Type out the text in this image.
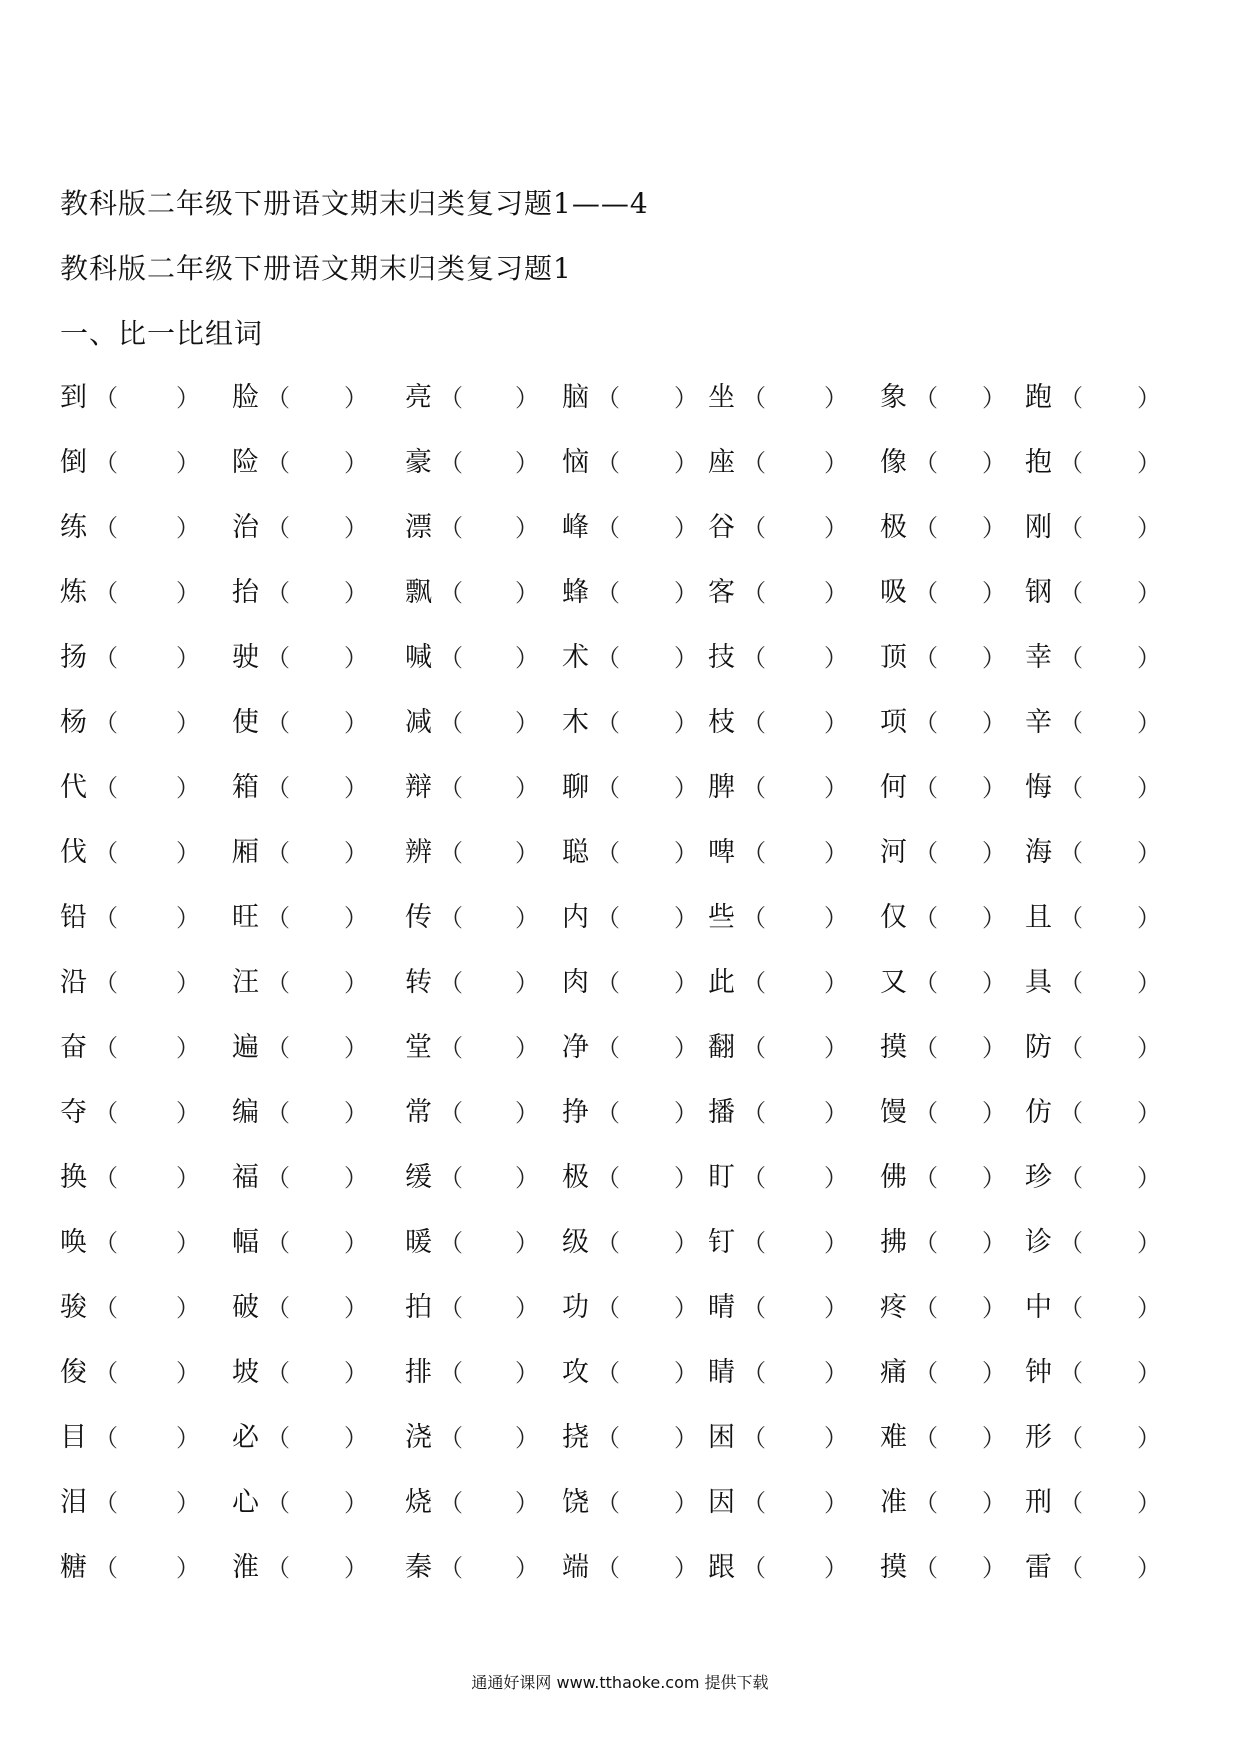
教科版二年级下册语文期末归类复习题1——4
教科版二年级下册语文期末归类复习题1
一、比一比组词
到 （ ） 脸 （ ） 亮 （ ） 脑 （ ） 坐 （ ） 象 （ ） 跑 （ ）
倒 （ ） 险 （ ） 豪 （ ） 恼 （ ） 座 （ ） 像 （ ） 抱 （ ）
练 （ ） 治 （ ） 漂 （ ） 峰 （ ） 谷 （ ） 极 （ ） 刚 （ ）
炼 （ ） 抬 （ ） 飘 （ ） 蜂 （ ） 客 （ ） 吸 （ ） 钢 （ ）
扬 （ ） 驶 （ ） 喊 （ ） 术 （ ） 技 （ ） 顶 （ ） 幸 （ ）
杨 （ ） 使 （ ） 减 （ ） 木 （ ） 枝 （ ） 项 （ ） 辛 （ ）
代 （ ） 箱 （ ） 辩 （ ） 聊 （ ） 脾 （ ） 何 （ ） 悔 （ ）
伐 （ ） 厢 （ ） 辨 （ ） 聪 （ ） 啤 （ ） 河 （ ） 海 （ ）
铅 （ ） 旺 （ ） 传 （ ） 内 （ ） 些 （ ） 仅 （ ） 且 （ ）
沿 （ ） 汪 （ ） 转 （ ） 肉 （ ） 此 （ ） 又 （ ） 具 （ ）
奋 （ ） 遍 （ ） 堂 （ ） 净 （ ） 翻 （ ） 摸 （ ） 防 （ ）
夺 （ ） 编 （ ） 常 （ ） 挣 （ ） 播 （ ） 馒 （ ） 仿 （ ）
换 （ ） 福 （ ） 缓 （ ） 极 （ ） 盯 （ ） 佛 （ ） 珍 （ ）
唤 （ ） 幅 （ ） 暖 （ ） 级 （ ） 钉 （ ） 拂 （ ） 诊 （ ）
骏 （ ） 破 （ ） 拍 （ ） 功 （ ） 晴 （ ） 疼 （ ） 中 （ ）
俊 （ ） 坡 （ ） 排 （ ） 攻 （ ） 睛 （ ） 痛 （ ） 钟 （ ）
目 （ ） 必 （ ） 浇 （ ） 挠 （ ） 困 （ ） 难 （ ） 形 （ ）
泪 （ ） 心 （ ） 烧 （ ） 饶 （ ） 因 （ ） 准 （ ） 刑 （ ）
糖 （ ） 淮 （ ） 秦 （ ） 端 （ ） 跟 （ ） 摸 （ ） 雷 （ ）
通通好课网 www.tthaoke.com 提供下载
